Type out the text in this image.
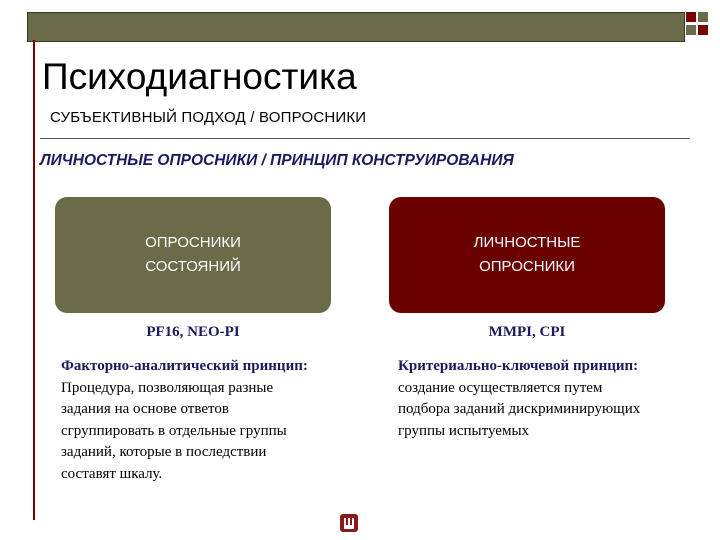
Психодиагностика
СУБЪЕКТИВНЫЙ ПОДХОД / ВОПРОСНИКИ
ЛИЧНОСТНЫЕ ОПРОСНИКИ / ПРИНЦИП КОНСТРУИРОВАНИЯ
ОПРОСНИКИ
СОСТОЯНИЙ
ЛИЧНОСТНЫЕ
ОПРОСНИКИ
PF16, NEO-PI	MMPI, CPI
Факторно-аналитический принцип:
Процедура, позволяющая разные
задания на основе ответов
сгруппировать в отдельные группы
заданий, которые в последствии
составят шкалу.
Критериально-ключевой принцип:
создание осуществляется путем
подбора заданий дискриминирующих
группы испытуемых
